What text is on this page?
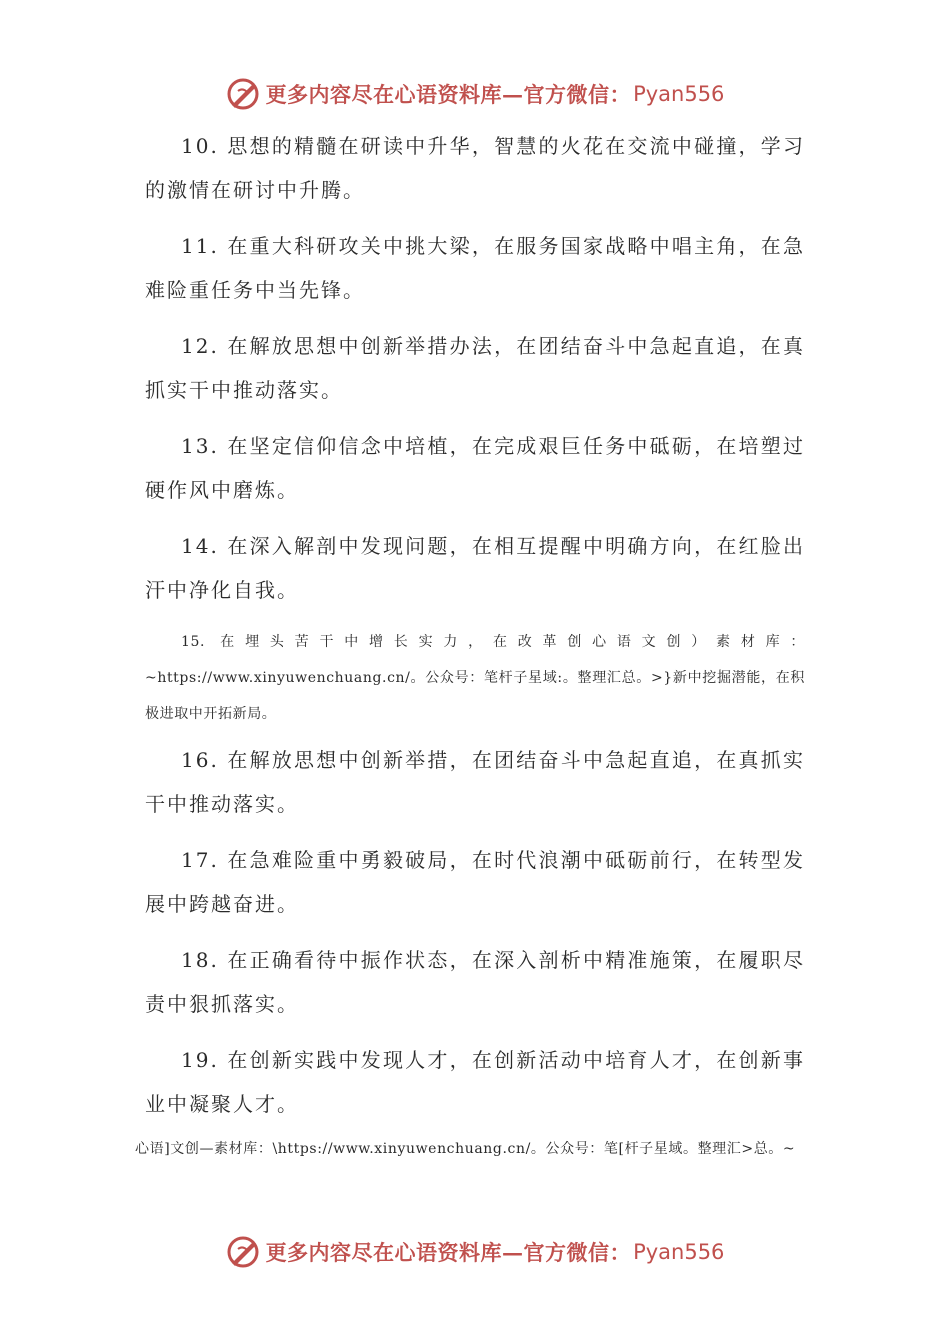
更多内容尽在心语资料库—官方微信： Pyan556

10. 思想的精髓在研读中升华，智慧的火花在交流中碰撞，学习的激情在研讨中升腾。

11. 在重大科研攻关中挑大梁，在服务国家战略中唱主角，在急难险重任务中当先锋。

12. 在解放思想中创新举措办法，在团结奋斗中急起直追，在真抓实干中推动落实。

13. 在坚定信仰信念中培植，在完成艰巨任务中砥砺，在培塑过硬作风中磨炼。

14. 在深入解剖中发现问题，在相互提醒中明确方向，在红脸出汗中净化自我。

15. 在埋头苦干中增长实力，在改革创心语文创）素材库：~https://www.xinyuwenchuang.cn/。公众号：笔杆子星域:。整理汇总。>}新中挖掘潜能，在积极进取中开拓新局。

16. 在解放思想中创新举措，在团结奋斗中急起直追，在真抓实干中推动落实。

17. 在急难险重中勇毅破局，在时代浪潮中砥砺前行，在转型发展中跨越奋进。

18. 在正确看待中振作状态，在深入剖析中精准施策，在履职尽责中狠抓落实。

19. 在创新实践中发现人才，在创新活动中培育人才，在创新事业中凝聚人才。

心语]文创—素材库：\https://www.xinyuwenchuang.cn/。公众号：笔[杆子星域。整理汇>总。~
更多内容尽在心语资料库—官方微信： Pyan556
